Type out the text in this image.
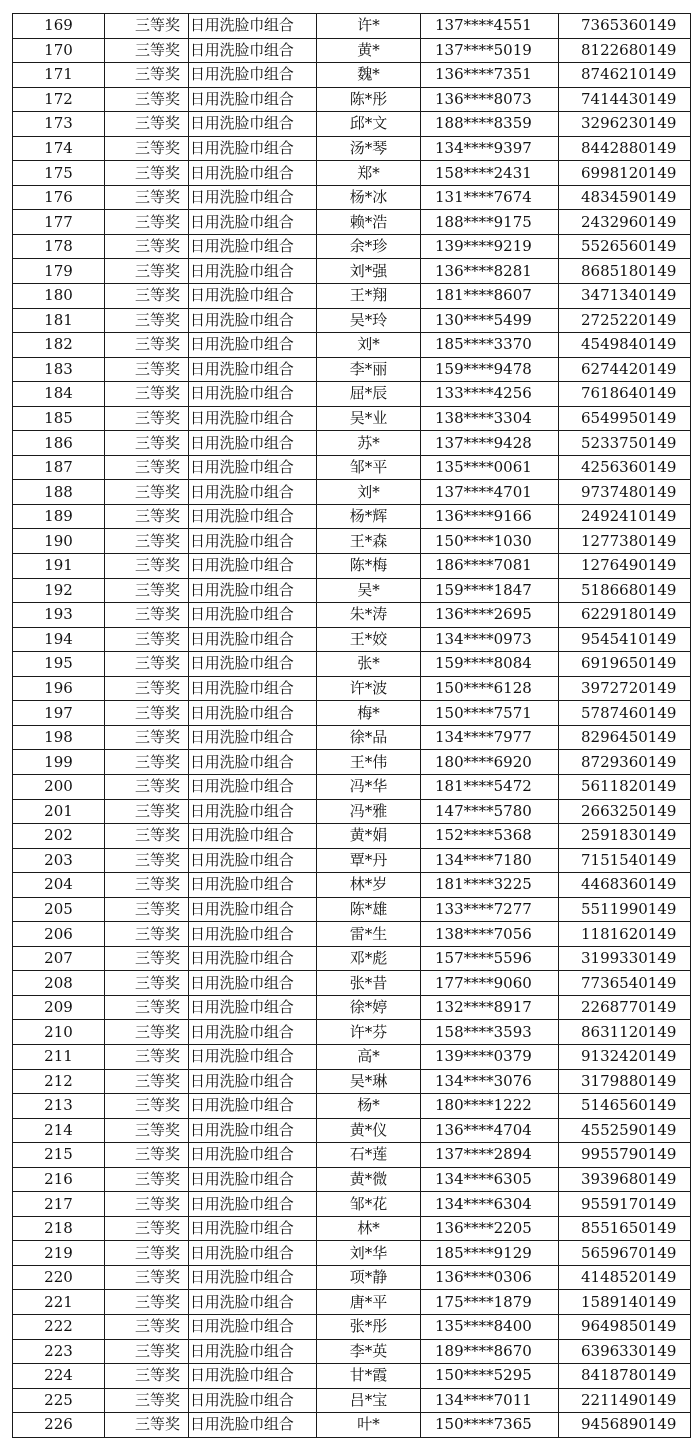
169	三等奖	日用洗脸巾组合	许*	137****4551	7365360149
170	三等奖	日用洗脸巾组合	黄*	137****5019	8122680149
171	三等奖	日用洗脸巾组合	魏*	136****7351	8746210149
172	三等奖	日用洗脸巾组合	陈*彤	136****8073	7414430149
173	三等奖	日用洗脸巾组合	邱*文	188****8359	3296230149
174	三等奖	日用洗脸巾组合	汤*琴	134****9397	8442880149
175	三等奖	日用洗脸巾组合	郑*	158****2431	6998120149
176	三等奖	日用洗脸巾组合	杨*冰	131****7674	4834590149
177	三等奖	日用洗脸巾组合	赖*浩	188****9175	2432960149
178	三等奖	日用洗脸巾组合	余*珍	139****9219	5526560149
179	三等奖	日用洗脸巾组合	刘*强	136****8281	8685180149
180	三等奖	日用洗脸巾组合	王*翔	181****8607	3471340149
181	三等奖	日用洗脸巾组合	吴*玲	130****5499	2725220149
182	三等奖	日用洗脸巾组合	刘*	185****3370	4549840149
183	三等奖	日用洗脸巾组合	李*丽	159****9478	6274420149
184	三等奖	日用洗脸巾组合	屈*辰	133****4256	7618640149
185	三等奖	日用洗脸巾组合	吴*业	138****3304	6549950149
186	三等奖	日用洗脸巾组合	苏*	137****9428	5233750149
187	三等奖	日用洗脸巾组合	邹*平	135****0061	4256360149
188	三等奖	日用洗脸巾组合	刘*	137****4701	9737480149
189	三等奖	日用洗脸巾组合	杨*辉	136****9166	2492410149
190	三等奖	日用洗脸巾组合	王*森	150****1030	1277380149
191	三等奖	日用洗脸巾组合	陈*梅	186****7081	1276490149
192	三等奖	日用洗脸巾组合	吴*	159****1847	5186680149
193	三等奖	日用洗脸巾组合	朱*涛	136****2695	6229180149
194	三等奖	日用洗脸巾组合	王*姣	134****0973	9545410149
195	三等奖	日用洗脸巾组合	张*	159****8084	6919650149
196	三等奖	日用洗脸巾组合	许*波	150****6128	3972720149
197	三等奖	日用洗脸巾组合	梅*	150****7571	5787460149
198	三等奖	日用洗脸巾组合	徐*品	134****7977	8296450149
199	三等奖	日用洗脸巾组合	王*伟	180****6920	8729360149
200	三等奖	日用洗脸巾组合	冯*华	181****5472	5611820149
201	三等奖	日用洗脸巾组合	冯*雅	147****5780	2663250149
202	三等奖	日用洗脸巾组合	黄*娟	152****5368	2591830149
203	三等奖	日用洗脸巾组合	覃*丹	134****7180	7151540149
204	三等奖	日用洗脸巾组合	林*岁	181****3225	4468360149
205	三等奖	日用洗脸巾组合	陈*雄	133****7277	5511990149
206	三等奖	日用洗脸巾组合	雷*生	138****7056	1181620149
207	三等奖	日用洗脸巾组合	邓*彪	157****5596	3199330149
208	三等奖	日用洗脸巾组合	张*昔	177****9060	7736540149
209	三等奖	日用洗脸巾组合	徐*婷	132****8917	2268770149
210	三等奖	日用洗脸巾组合	许*芬	158****3593	8631120149
211	三等奖	日用洗脸巾组合	高*	139****0379	9132420149
212	三等奖	日用洗脸巾组合	吴*琳	134****3076	3179880149
213	三等奖	日用洗脸巾组合	杨*	180****1222	5146560149
214	三等奖	日用洗脸巾组合	黄*仪	136****4704	4552590149
215	三等奖	日用洗脸巾组合	石*莲	137****2894	9955790149
216	三等奖	日用洗脸巾组合	黄*微	134****6305	3939680149
217	三等奖	日用洗脸巾组合	邹*花	134****6304	9559170149
218	三等奖	日用洗脸巾组合	林*	136****2205	8551650149
219	三等奖	日用洗脸巾组合	刘*华	185****9129	5659670149
220	三等奖	日用洗脸巾组合	项*静	136****0306	4148520149
221	三等奖	日用洗脸巾组合	唐*平	175****1879	1589140149
222	三等奖	日用洗脸巾组合	张*彤	135****8400	9649850149
223	三等奖	日用洗脸巾组合	李*英	189****8670	6396330149
224	三等奖	日用洗脸巾组合	甘*霞	150****5295	8418780149
225	三等奖	日用洗脸巾组合	吕*宝	134****7011	2211490149
226	三等奖	日用洗脸巾组合	叶*	150****7365	9456890149
